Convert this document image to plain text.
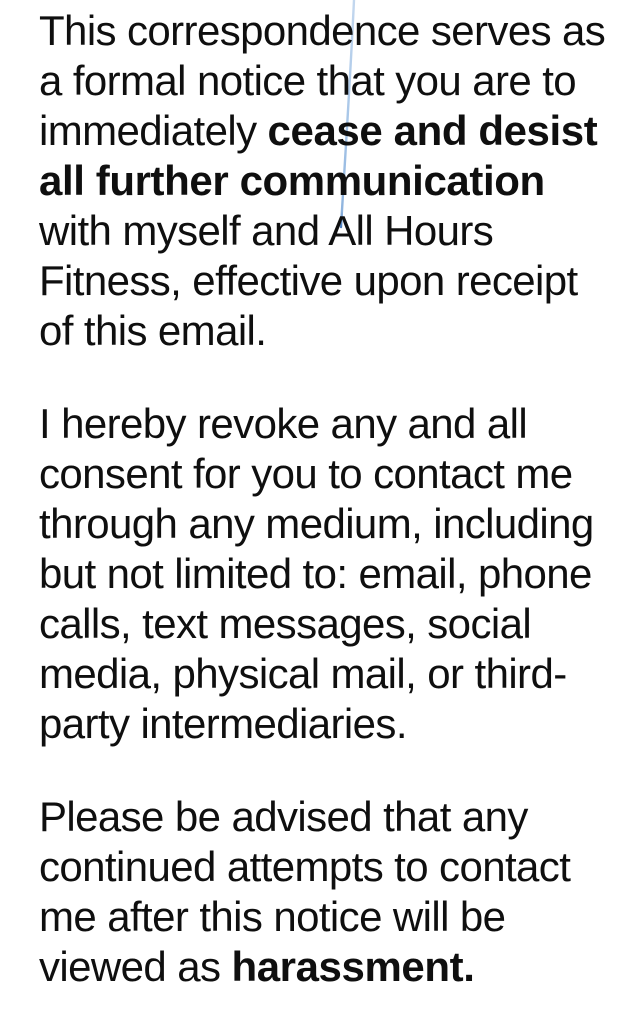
This correspondence serves as
a formal notice that you are to
immediately cease and desist
all further communication
with myself and All Hours
Fitness, effective upon receipt
of this email.
I hereby revoke any and all
consent for you to contact me
through any medium, including
but not limited to: email, phone
calls, text messages, social
media, physical mail, or third-
party intermediaries.
Please be advised that any
continued attempts to contact
me after this notice will be
viewed as harassment.
